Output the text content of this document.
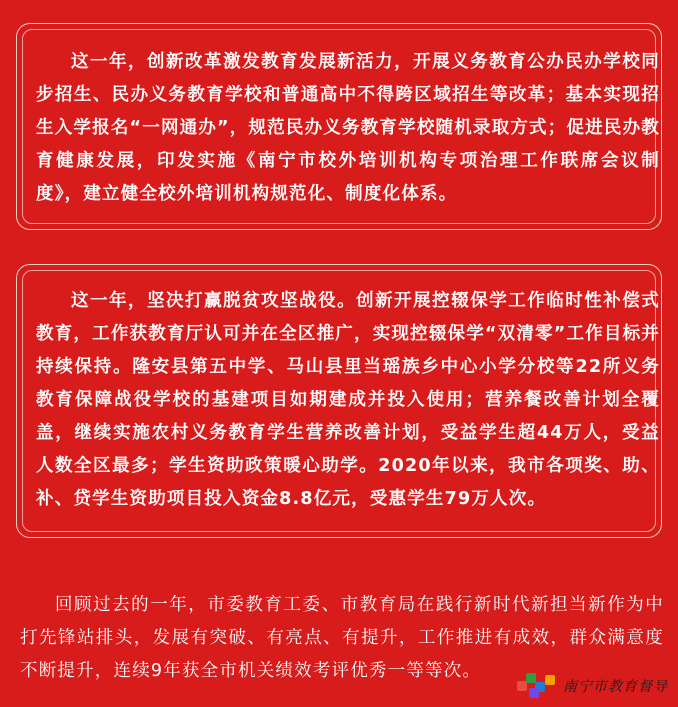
这一年，创新改革激发教育发展新活力，开展义务教育公办民办学校同步招生、民办义务教育学校和普通高中不得跨区域招生等改革；基本实现招生入学报名“一网通办”，规范民办义务教育学校随机录取方式；促进民办教育健康发展，印发实施《南宁市校外培训机构专项治理工作联席会议制度》，建立健全校外培训机构规范化、制度化体系。
这一年，坚决打赢脱贫攻坚战役。创新开展控辍保学工作临时性补偿式教育，工作获教育厅认可并在全区推广，实现控辍保学“双清零”工作目标并持续保持。隆安县第五中学、马山县里当瑶族乡中心小学分校等22所义务教育保障战役学校的基建项目如期建成并投入使用；营养餐改善计划全覆盖，继续实施农村义务教育学生营养改善计划，受益学生超44万人，受益人数全区最多；学生资助政策暖心助学。2020年以来，我市各项奖、助、补、贷学生资助项目投入资金8.8亿元，受惠学生79万人次。
回顾过去的一年，市委教育工委、市教育局在践行新时代新担当新作为中打先锋站排头，发展有突破、有亮点、有提升，工作推进有成效，群众满意度不断提升，连续9年获全市机关绩效考评优秀一等等次。
南宁市教育督导
